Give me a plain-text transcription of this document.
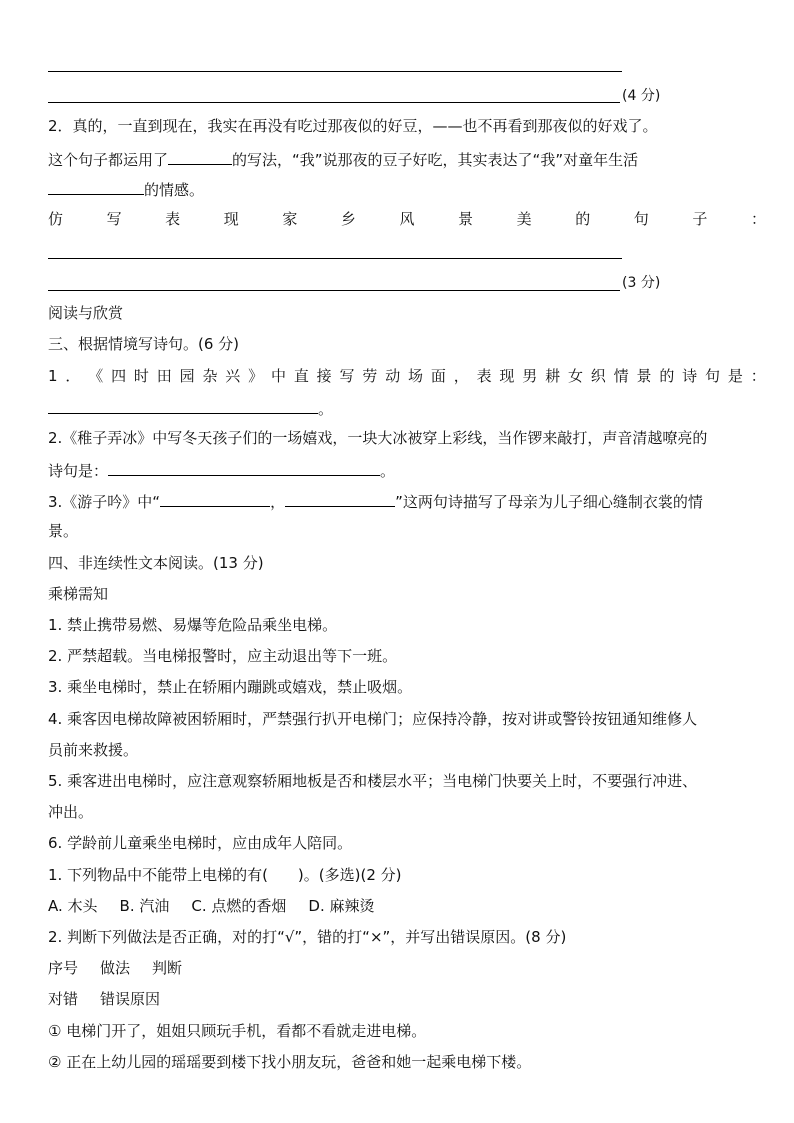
(4 分)
2．真的，一直到现在，我实在再没有吃过那夜似的好豆，——也不再看到那夜似的好戏了。
这个句子都运用了	的写法，“我”说那夜的豆子好吃，其实表达了“我”对童年生活
的情感。
仿	写	表	现	家	乡	风	景	美	的	句	子	：
(3 分)
阅读与欣赏
三、根据情境写诗句。(6 分)
1 ． 《 四 时 田 园 杂 兴 》 中 直 接 写 劳 动 场 面 ， 表 现 男 耕 女 织 情 景 的 诗 句 是 ：
。
2.《稚子弄冰》中写冬天孩子们的一场嬉戏，一块大冰被穿上彩线，当作锣来敲打，声音清越嘹亮的
诗句是：	。
3.《游子吟》中“	，	”这两句诗描写了母亲为儿子细心缝制衣裳的情
景。
四、非连续性文本阅读。(13 分)
乘梯需知
1. 禁止携带易燃、易爆等危险品乘坐电梯。
2. 严禁超载。当电梯报警时，应主动退出等下一班。
3. 乘坐电梯时，禁止在轿厢内蹦跳或嬉戏，禁止吸烟。
4. 乘客因电梯故障被困轿厢时，严禁强行扒开电梯门；应保持冷静，按对讲或警铃按钮通知维修人
员前来救援。
5. 乘客进出电梯时，应注意观察轿厢地板是否和楼层水平；当电梯门快要关上时，不要强行冲进、
冲出。
6. 学龄前儿童乘坐电梯时，应由成年人陪同。
1. 下列物品中不能带上电梯的有(　　)。(多选)(2 分)
A. 木头 B. 汽油 C. 点燃的香烟 D. 麻辣烫
2. 判断下列做法是否正确，对的打“√”，错的打“×”，并写出错误原因。(8 分)
序号 做法 判断
对错 错误原因
① 电梯门开了，姐姐只顾玩手机，看都不看就走进电梯。
② 正在上幼儿园的瑶瑶要到楼下找小朋友玩，爸爸和她一起乘电梯下楼。
